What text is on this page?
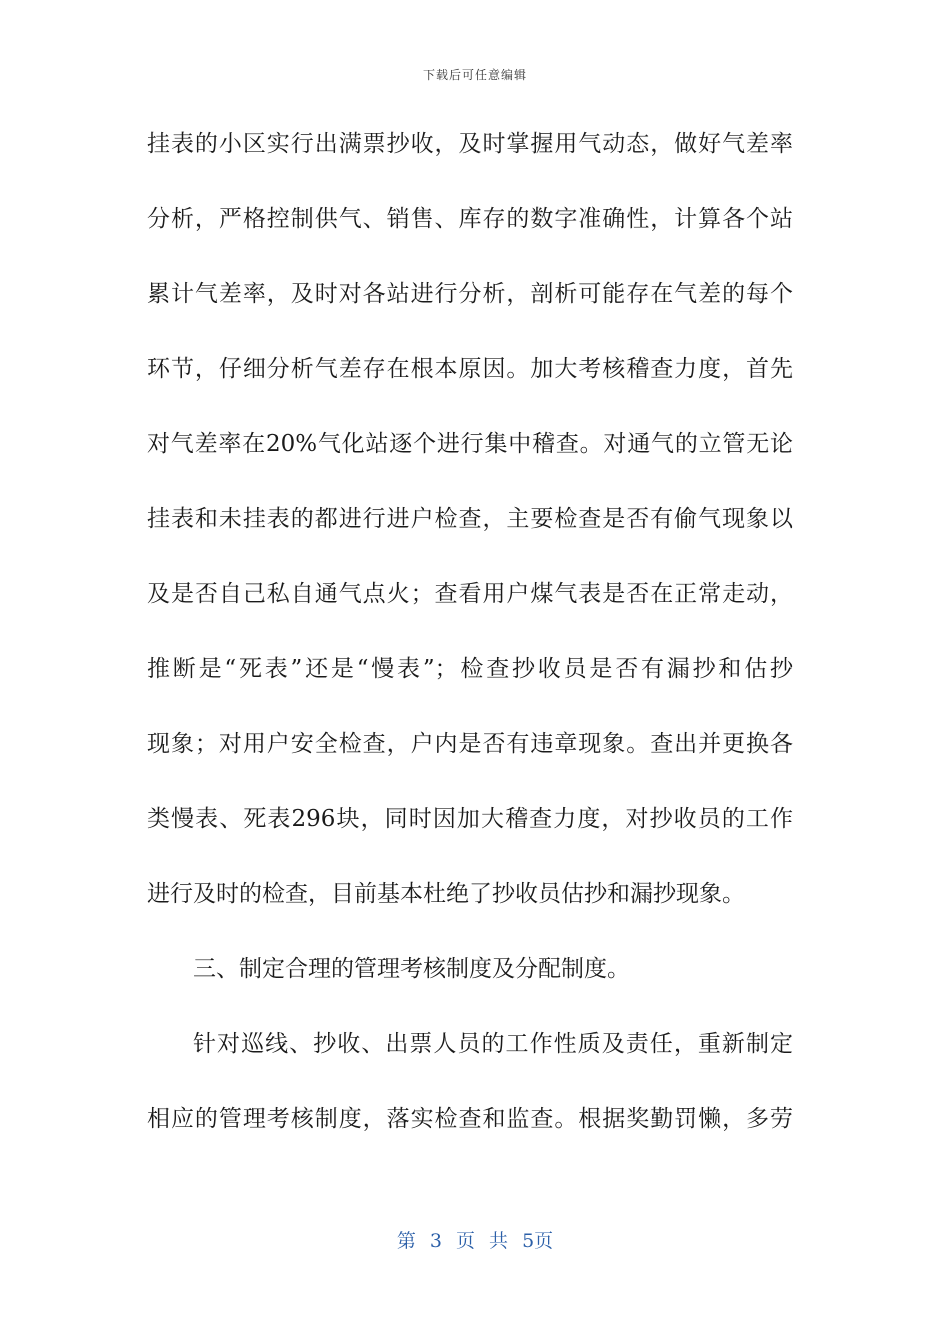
下载后可任意编辑
挂表的小区实行出满票抄收，及时掌握用气动态，做好气差率
分析，严格控制供气、销售、库存的数字准确性，计算各个站
累计气差率，及时对各站进行分析，剖析可能存在气差的每个
环节，仔细分析气差存在根本原因。加大考核稽查力度，首先
对气差率在20%气化站逐个进行集中稽查。对通气的立管无论
挂表和未挂表的都进行进户检查，主要检查是否有偷气现象以
及是否自己私自通气点火；查看用户煤气表是否在正常走动，
推断是“死表”还是“慢表”；检查抄收员是否有漏抄和估抄
现象；对用户安全检查，户内是否有违章现象。查出并更换各
类慢表、死表296块，同时因加大稽查力度，对抄收员的工作
进行及时的检查，目前基本杜绝了抄收员估抄和漏抄现象。
三、制定合理的管理考核制度及分配制度。
针对巡线、抄收、出票人员的工作性质及责任，重新制定
相应的管理考核制度，落实检查和监查。根据奖勤罚懒，多劳
第 3 页 共 5页
